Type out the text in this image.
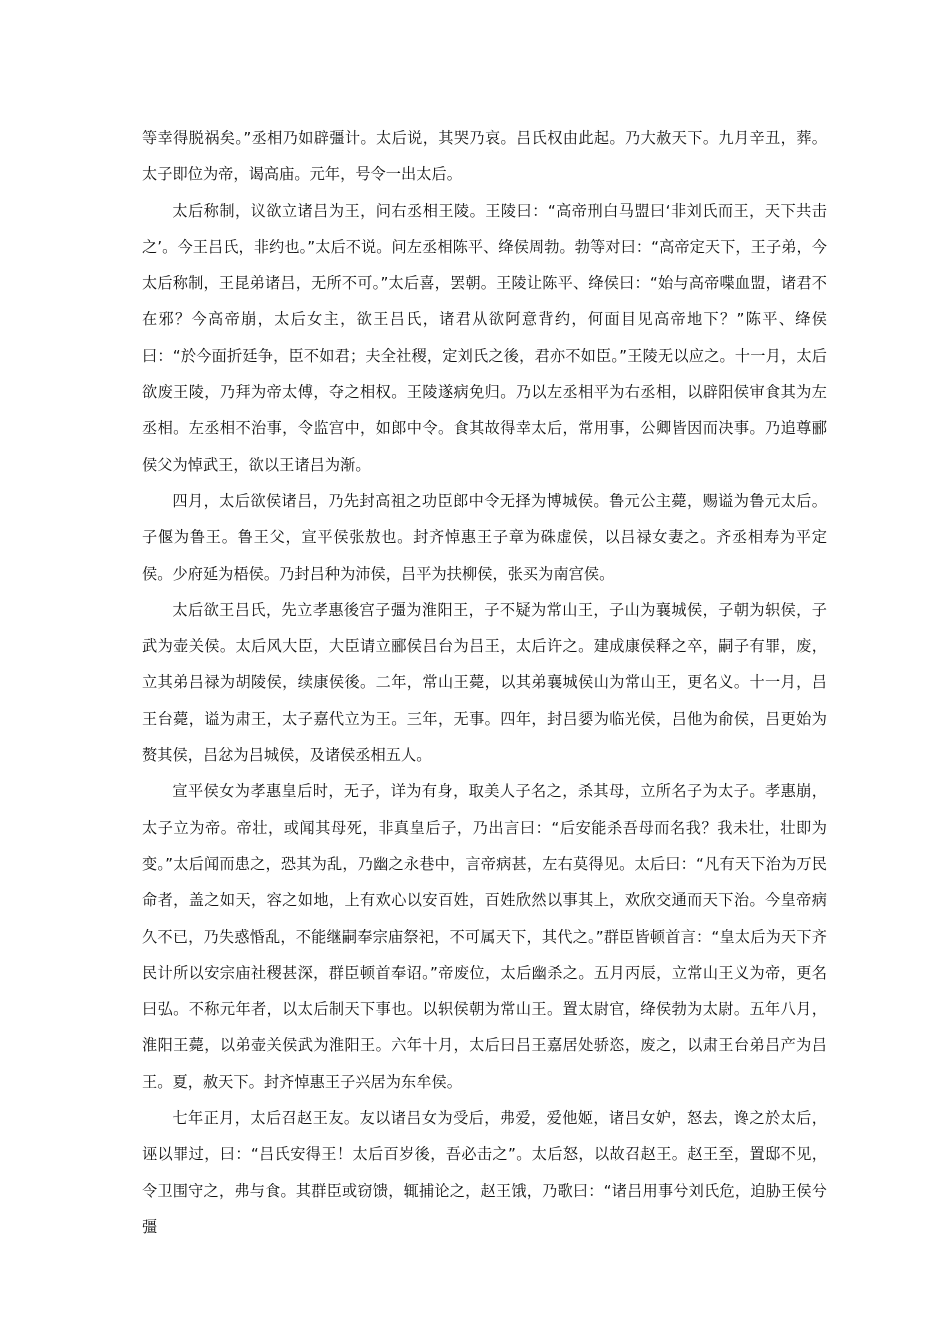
等幸得脱祸矣。”丞相乃如辟彊计。太后说，其哭乃哀。吕氏权由此起。乃大赦天下。九月辛丑，葬。太子即位为帝，谒高庙。元年，号令一出太后。

太后称制，议欲立诸吕为王，问右丞相王陵。王陵曰：“高帝刑白马盟曰‘非刘氏而王，天下共击之’。今王吕氏，非约也。”太后不说。问左丞相陈平、绛侯周勃。勃等对曰：“高帝定天下，王子弟，今太后称制，王昆弟诸吕，无所不可。”太后喜，罢朝。王陵让陈平、绛侯曰：“始与高帝喋血盟，诸君不在邪？今高帝崩，太后女主，欲王吕氏，诸君从欲阿意背约，何面目见高帝地下？”陈平、绛侯曰：“於今面折廷争，臣不如君；夫全社稷，定刘氏之後，君亦不如臣。”王陵无以应之。十一月，太后欲废王陵，乃拜为帝太傅，夺之相权。王陵遂病免归。乃以左丞相平为右丞相，以辟阳侯审食其为左丞相。左丞相不治事，令监宫中，如郎中令。食其故得幸太后，常用事，公卿皆因而决事。乃追尊郦侯父为悼武王，欲以王诸吕为渐。

四月，太后欲侯诸吕，乃先封高祖之功臣郎中令无择为博城侯。鲁元公主薨，赐谥为鲁元太后。子偃为鲁王。鲁王父，宣平侯张敖也。封齐悼惠王子章为硃虚侯，以吕禄女妻之。齐丞相寿为平定侯。少府延为梧侯。乃封吕种为沛侯，吕平为扶柳侯，张买为南宫侯。

太后欲王吕氏，先立孝惠後宫子彊为淮阳王，子不疑为常山王，子山为襄城侯，子朝为轵侯，子武为壶关侯。太后风大臣，大臣请立郦侯吕台为吕王，太后许之。建成康侯释之卒，嗣子有罪，废，立其弟吕禄为胡陵侯，续康侯後。二年，常山王薨，以其弟襄城侯山为常山王，更名义。十一月，吕王台薨，谥为肃王，太子嘉代立为王。三年，无事。四年，封吕媭为临光侯，吕他为俞侯，吕更始为赘其侯，吕忿为吕城侯，及诸侯丞相五人。

宣平侯女为孝惠皇后时，无子，详为有身，取美人子名之，杀其母，立所名子为太子。孝惠崩，太子立为帝。帝壮，或闻其母死，非真皇后子，乃出言曰：“后安能杀吾母而名我？我未壮，壮即为变。”太后闻而患之，恐其为乱，乃幽之永巷中，言帝病甚，左右莫得见。太后曰：“凡有天下治为万民命者，盖之如天，容之如地，上有欢心以安百姓，百姓欣然以事其上，欢欣交通而天下治。今皇帝病久不已，乃失惑惛乱，不能继嗣奉宗庙祭祀，不可属天下，其代之。”群臣皆顿首言：“皇太后为天下齐民计所以安宗庙社稷甚深，群臣顿首奉诏。”帝废位，太后幽杀之。五月丙辰，立常山王义为帝，更名曰弘。不称元年者，以太后制天下事也。以轵侯朝为常山王。置太尉官，绛侯勃为太尉。五年八月，淮阳王薨，以弟壶关侯武为淮阳王。六年十月，太后曰吕王嘉居处骄恣，废之，以肃王台弟吕产为吕王。夏，赦天下。封齐悼惠王子兴居为东牟侯。

七年正月，太后召赵王友。友以诸吕女为受后，弗爱，爱他姬，诸吕女妒，怒去，谗之於太后，诬以罪过，曰：“吕氏安得王！太后百岁後，吾必击之”。太后怒，以故召赵王。赵王至，置邸不见，令卫围守之，弗与食。其群臣或窃馈，辄捕论之，赵王饿，乃歌曰：“诸吕用事兮刘氏危，迫胁王侯兮彊
